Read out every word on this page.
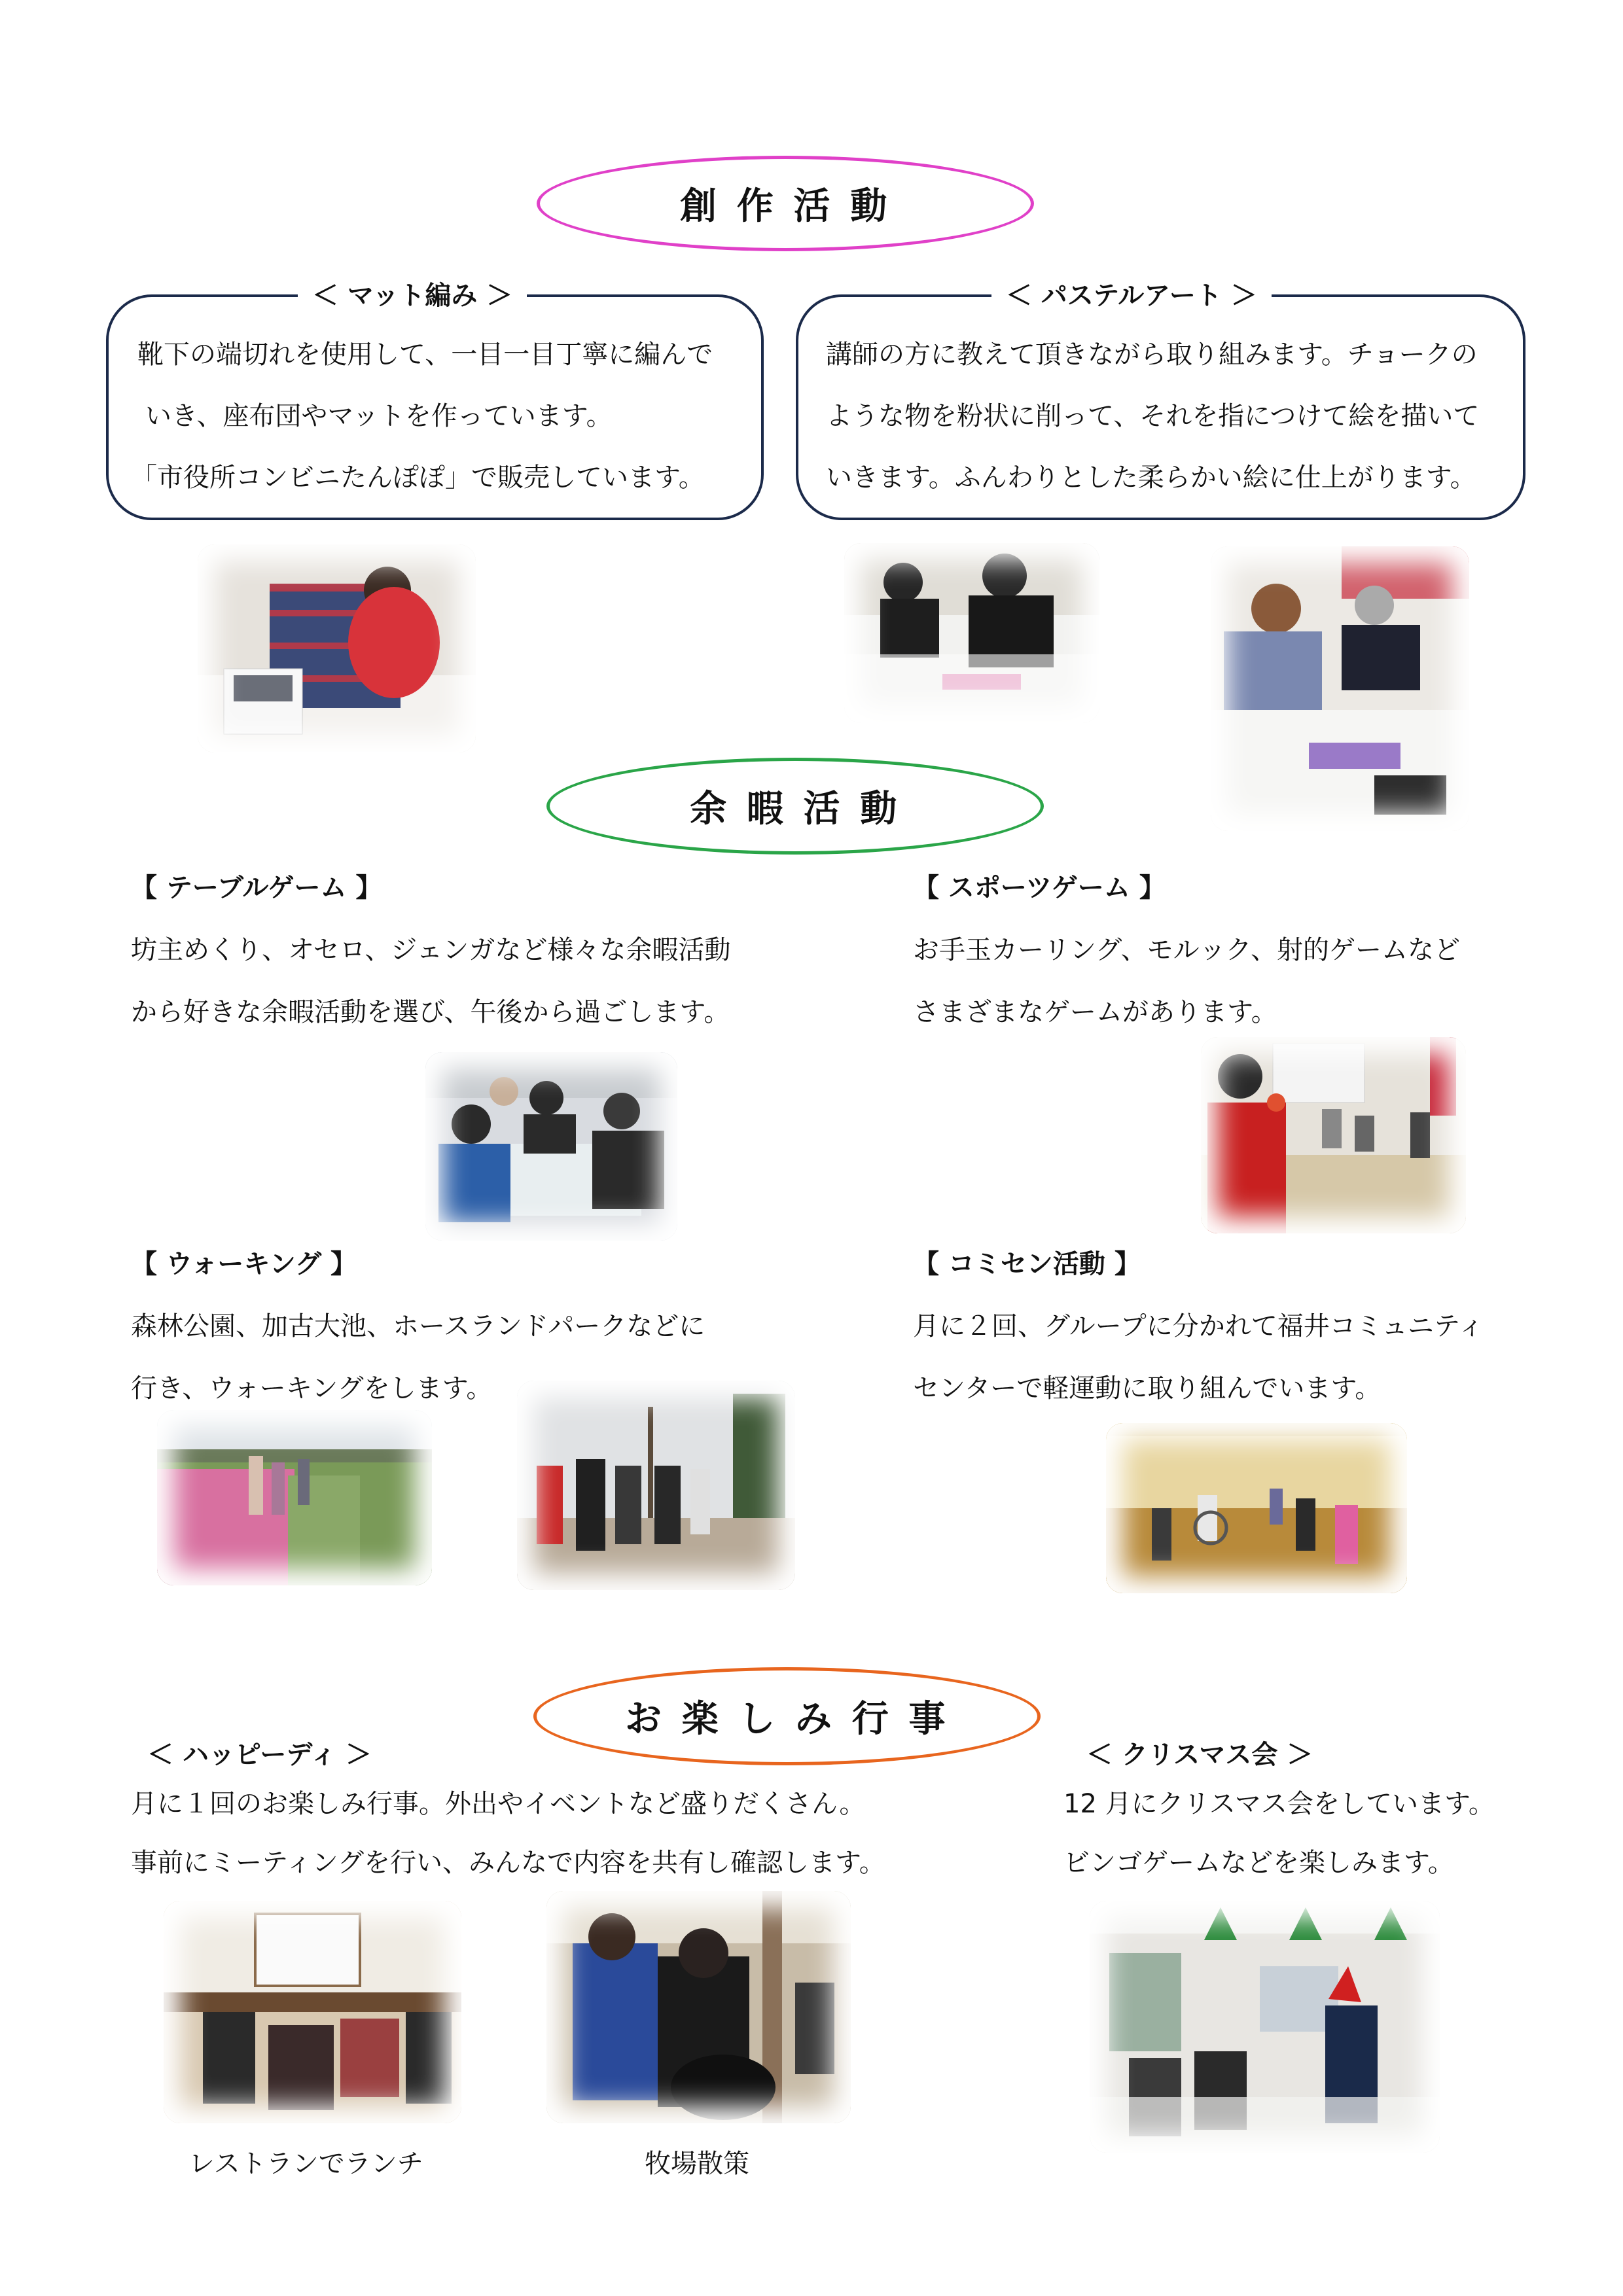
創 作 活 動
＜ マット編み ＞
靴下の端切れを使用して、一目一目丁寧に編んで
いき、座布団やマットを作っています。
「市役所コンビニたんぽぽ」で販売しています。
＜ パステルアート ＞
講師の方に教えて頂きながら取り組みます。チョークの
ような物を粉状に削って、それを指につけて絵を描いて
いきます。ふんわりとした柔らかい絵に仕上がります。
余 暇 活 動
【 テーブルゲーム 】
坊主めくり、オセロ、ジェンガなど様々な余暇活動
から好きな余暇活動を選び、午後から過ごします。
【 スポーツゲーム 】
お手玉カーリング、モルック、射的ゲームなど
さまざまなゲームがあります。
【 ウォーキング 】
森林公園、加古大池、ホースランドパークなどに
行き、ウォーキングをします。
【 コミセン活動 】
月に２回、グループに分かれて福井コミュニティ
センターで軽運動に取り組んでいます。
お 楽 し み 行 事
＜ ハッピーディ ＞
月に１回のお楽しみ行事。外出やイベントなど盛りだくさん。
事前にミーティングを行い、みんなで内容を共有し確認します。
＜ クリスマス会 ＞
12 月にクリスマス会をしています。
ビンゴゲームなどを楽しみます。
レストランでランチ	牧場散策
